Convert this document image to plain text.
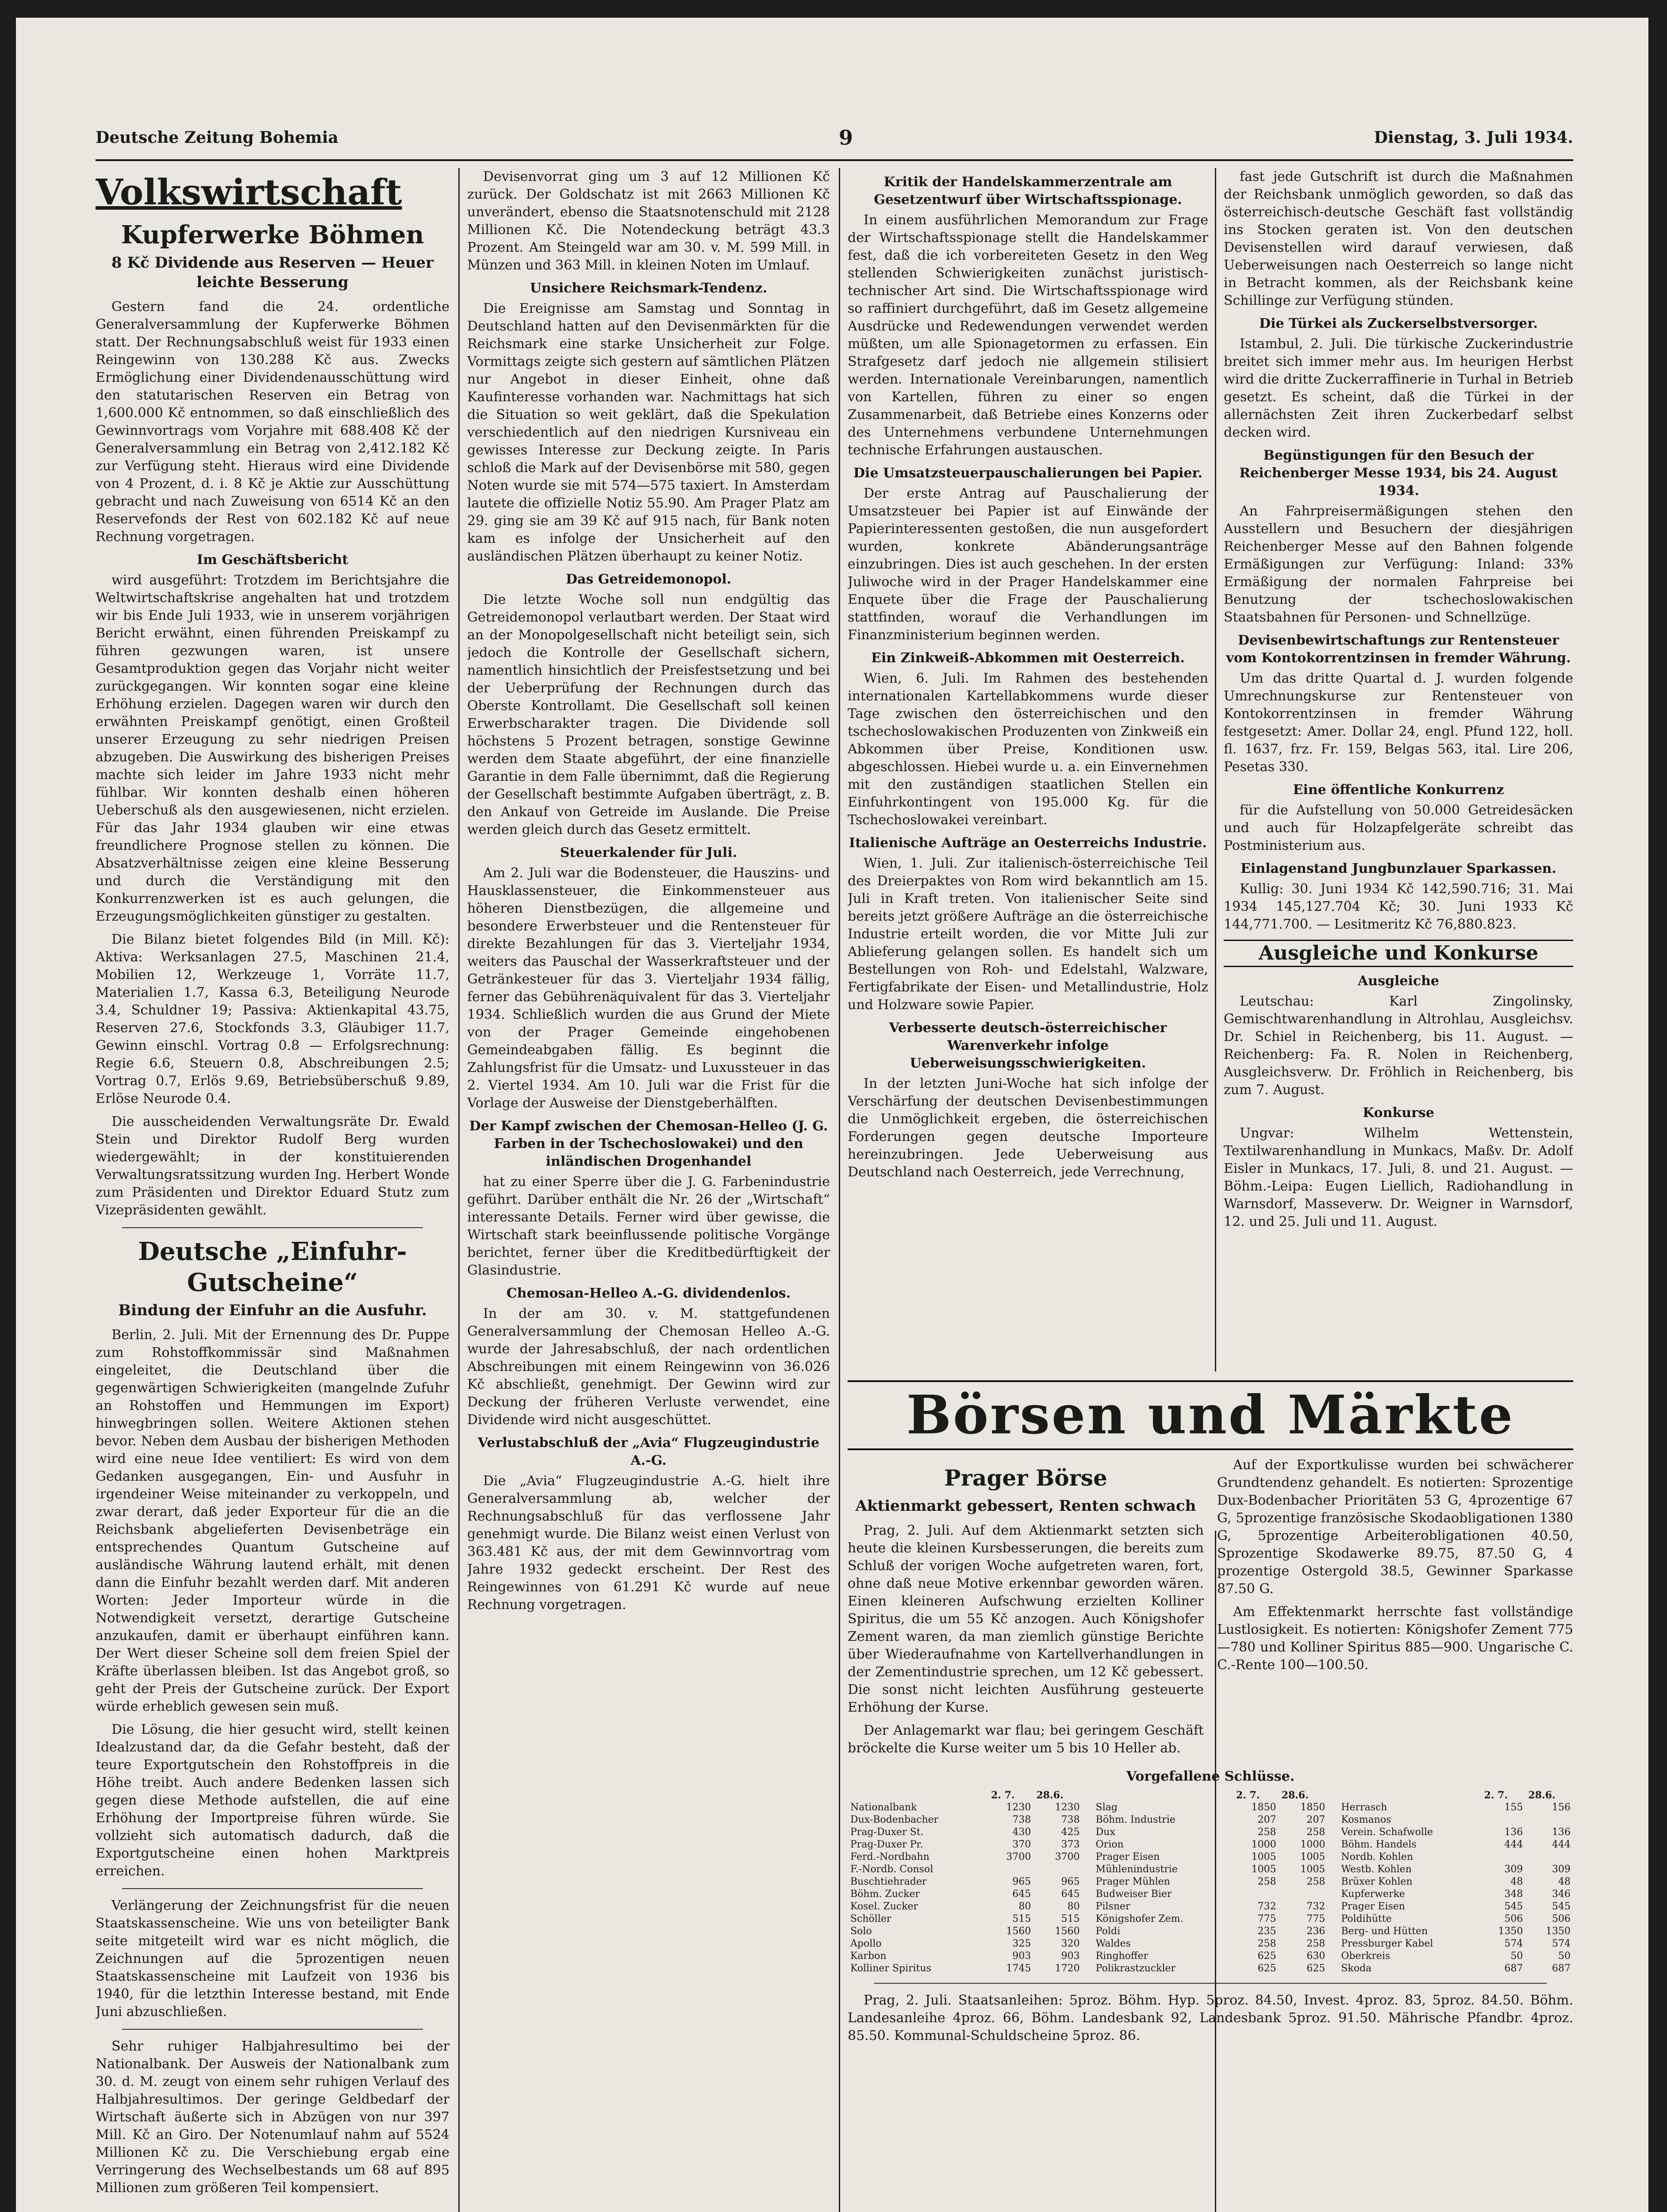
Deutsche Zeitung Bohemia	9	Dienstag, 3. Juli 1934.
Volkswirtschaft
Kupferwerke Böhmen
8 Kč Dividende aus Reserven — Heuer leichte Besserung

Gestern fand die 24. ordentliche Generalversammlung der Kupferwerke Böhmen statt. Der Rechnungsabschluß weist für 1933 einen Reingewinn von 130.288 Kč aus. Zwecks Ermöglichung einer Dividendenausschüttung wird den statutarischen Reserven ein Betrag von 1,600.000 Kč entnommen, so daß einschließlich des Gewinnvortrags vom Vorjahre mit 688.408 Kč der Generalversammlung ein Betrag von 2,412.182 Kč zur Verfügung steht. Hieraus wird eine Dividende von 4 Prozent, d. i. 8 Kč je Aktie zur Ausschüttung gebracht und nach Zuweisung von 6514 Kč an den Reservefonds der Rest von 602.182 Kč auf neue Rechnung vorgetragen.

Im Geschäftsbericht

wird ausgeführt: Trotzdem im Berichtsjahre die Weltwirtschaftskrise angehalten hat und trotzdem wir bis Ende Juli 1933, wie in unserem vorjährigen Bericht erwähnt, einen führenden Preiskampf zu führen gezwungen waren, ist unsere Gesamtproduktion gegen das Vorjahr nicht weiter zurückgegangen. Wir konnten sogar eine kleine Erhöhung erzielen. Dagegen waren wir durch den erwähnten Preiskampf genötigt, einen Großteil unserer Erzeugung zu sehr niedrigen Preisen abzugeben. Die Auswirkung des bisherigen Preises machte sich leider im Jahre 1933 nicht mehr fühlbar. Wir konnten deshalb einen höheren Ueberschuß als den ausgewiesenen, nicht erzielen. Für das Jahr 1934 glauben wir eine etwas freundlichere Prognose stellen zu können. Die Absatzverhältnisse zeigen eine kleine Besserung und durch die Verständigung mit den Konkurrenzwerken ist es auch gelungen, die Erzeugungsmöglichkeiten günstiger zu gestalten.

Die Bilanz bietet folgendes Bild (in Mill. Kč): Aktiva: Werksanlagen 27.5, Maschinen 21.4, Mobilien 12, Werkzeuge 1, Vorräte 11.7, Materialien 1.7, Kassa 6.3, Beteiligung Neurode 3.4, Schuldner 19; Passiva: Aktienkapital 43.75, Reserven 27.6, Stockfonds 3.3, Gläubiger 11.7, Gewinn einschl. Vortrag 0.8 — Erfolgsrechnung: Regie 6.6, Steuern 0.8, Abschreibungen 2.5; Vortrag 0.7, Erlös 9.69, Betriebsüberschuß 9.89, Erlöse Neurode 0.4.

Die ausscheidenden Verwaltungsräte Dr. Ewald Stein und Direktor Rudolf Berg wurden wiedergewählt; in der konstituierenden Verwaltungsratssitzung wurden Ing. Herbert Wonde zum Präsidenten und Direktor Eduard Stutz zum Vizepräsidenten gewählt.

Deutsche „Einfuhr-Gutscheine“
Bindung der Einfuhr an die Ausfuhr.

Berlin, 2. Juli. Mit der Ernennung des Dr. Puppe zum Rohstoffkommissär sind Maßnahmen eingeleitet, die Deutschland über die gegenwärtigen Schwierigkeiten (mangelnde Zufuhr an Rohstoffen und Hemmungen im Export) hinwegbringen sollen. Weitere Aktionen stehen bevor. Neben dem Ausbau der bisherigen Methoden wird eine neue Idee ventiliert: Es wird von dem Gedanken ausgegangen, Ein- und Ausfuhr in irgendeiner Weise miteinander zu verkoppeln, und zwar derart, daß jeder Exporteur für die an die Reichsbank abgelieferten Devisenbeträge ein entsprechendes Quantum Gutscheine auf ausländische Währung lautend erhält, mit denen dann die Einfuhr bezahlt werden darf. Mit anderen Worten: Jeder Importeur würde in die Notwendigkeit versetzt, derartige Gutscheine anzukaufen, damit er überhaupt einführen kann. Der Wert dieser Scheine soll dem freien Spiel der Kräfte überlassen bleiben. Ist das Angebot groß, so geht der Preis der Gutscheine zurück. Der Export würde erheblich gewesen sein muß.

Die Lösung, die hier gesucht wird, stellt keinen Idealzustand dar, da die Gefahr besteht, daß der teure Exportgutschein den Rohstoffpreis in die Höhe treibt. Auch andere Bedenken lassen sich gegen diese Methode aufstellen, die auf eine Erhöhung der Importpreise führen würde. Sie vollzieht sich automatisch dadurch, daß die Exportgutscheine einen hohen Marktpreis erreichen.

Verlängerung der Zeichnungsfrist für die neuen Staatskassenscheine. Wie uns von beteiligter Bank seite mitgeteilt wird war es nicht möglich, die Zeichnungen auf die 5prozentigen neuen Staatskassenscheine mit Laufzeit von 1936 bis 1940, für die letzthin Interesse bestand, mit Ende Juni abzuschließen.

Sehr ruhiger Halbjahresultimo bei der Nationalbank. Der Ausweis der Nationalbank zum 30. d. M. zeugt von einem sehr ruhigen Verlauf des Halbjahresultimos. Der geringe Geldbedarf der Wirtschaft äußerte sich in Abzügen von nur 397 Mill. Kč an Giro. Der Notenumlauf nahm auf 5524 Millionen Kč zu. Die Verschiebung ergab eine Verringerung des Wechselbestands um 68 auf 895 Millionen zum größeren Teil kompensiert.

Devisenvorrat ging um 3 auf 12 Millionen Kč zurück. Der Goldschatz ist mit 2663 Millionen Kč unverändert, ebenso die Staatsnotenschuld mit 2128 Millionen Kč. Die Notendeckung beträgt 43.3 Prozent. Am Steingeld war am 30. v. M. 599 Mill. in Münzen und 363 Mill. in kleinen Noten im Umlauf.

Unsichere Reichsmark-Tendenz.

Die Ereignisse am Samstag und Sonntag in Deutschland hatten auf den Devisenmärkten für die Reichsmark eine starke Unsicherheit zur Folge. Vormittags zeigte sich gestern auf sämtlichen Plätzen nur Angebot in dieser Einheit, ohne daß Kaufinteresse vorhanden war. Nachmittags hat sich die Situation so weit geklärt, daß die Spekulation verschiedentlich auf den niedrigen Kursniveau ein gewisses Interesse zur Deckung zeigte. In Paris schloß die Mark auf der Devisenbörse mit 580, gegen Noten wurde sie mit 574—575 taxiert. In Amsterdam lautete die offizielle Notiz 55.90. Am Prager Platz am 29. ging sie am 39 Kč auf 915 nach, für Bank noten kam es infolge der Unsicherheit auf den ausländischen Plätzen überhaupt zu keiner Notiz.

Das Getreidemonopol.

Die letzte Woche soll nun endgültig das Getreidemonopol verlautbart werden. Der Staat wird an der Monopolgesellschaft nicht beteiligt sein, sich jedoch die Kontrolle der Gesellschaft sichern, namentlich hinsichtlich der Preisfestsetzung und bei der Ueberprüfung der Rechnungen durch das Oberste Kontrollamt. Die Gesellschaft soll keinen Erwerbscharakter tragen. Die Dividende soll höchstens 5 Prozent betragen, sonstige Gewinne werden dem Staate abgeführt, der eine finanzielle Garantie in dem Falle übernimmt, daß die Regierung der Gesellschaft bestimmte Aufgaben überträgt, z. B. den Ankauf von Getreide im Auslande. Die Preise werden gleich durch das Gesetz ermittelt.

Steuerkalender für Juli.

Am 2. Juli war die Bodensteuer, die Hauszins- und Hausklassensteuer, die Einkommensteuer aus höheren Dienstbezügen, die allgemeine und besondere Erwerbsteuer und die Rentensteuer für direkte Bezahlungen für das 3. Vierteljahr 1934, weiters das Pauschal der Wasserkraftsteuer und der Getränkesteuer für das 3. Vierteljahr 1934 fällig, ferner das Gebührenäquivalent für das 3. Vierteljahr 1934. Schließlich wurden die aus Grund der Miete von der Prager Gemeinde eingehobenen Gemeindeabgaben fällig. Es beginnt die Zahlungsfrist für die Umsatz- und Luxussteuer in das 2. Viertel 1934. Am 10. Juli war die Frist für die Vorlage der Ausweise der Dienstgeberhälften.

Der Kampf zwischen der Chemosan-Helleo (J. G. Farben in der Tschechoslowakei) und den inländischen Drogenhandel

hat zu einer Sperre über die J. G. Farbenindustrie geführt. Darüber enthält die Nr. 26 der „Wirtschaft“ interessante Details. Ferner wird über gewisse, die Wirtschaft stark beeinflussende politische Vorgänge berichtet, ferner über die Kreditbedürftigkeit der Glasindustrie.

Chemosan-Helleo A.-G. dividendenlos.

In der am 30. v. M. stattgefundenen Generalversammlung der Chemosan Helleo A.-G. wurde der Jahresabschluß, der nach ordentlichen Abschreibungen mit einem Reingewinn von 36.026 Kč abschließt, genehmigt. Der Gewinn wird zur Deckung der früheren Verluste verwendet, eine Dividende wird nicht ausgeschüttet.

Verlustabschluß der „Avia“ Flugzeugindustrie A.-G.

Die „Avia“ Flugzeugindustrie A.-G. hielt ihre Generalversammlung ab, welcher der Rechnungsabschluß für das verflossene Jahr genehmigt wurde. Die Bilanz weist einen Verlust von 363.481 Kč aus, der mit dem Gewinnvortrag vom Jahre 1932 gedeckt erscheint. Der Rest des Reingewinnes von 61.291 Kč wurde auf neue Rechnung vorgetragen.

Kritik der Handelskammerzentrale am Gesetzentwurf über Wirtschaftsspionage.

In einem ausführlichen Memorandum zur Frage der Wirtschaftsspionage stellt die Handelskammer fest, daß die ich vorbereiteten Gesetz in den Weg stellenden Schwierigkeiten zunächst juristisch-technischer Art sind. Die Wirtschaftsspionage wird so raffiniert durchgeführt, daß im Gesetz allgemeine Ausdrücke und Redewendungen verwendet werden müßten, um alle Spionagetormen zu erfassen. Ein Strafgesetz darf jedoch nie allgemein stilisiert werden. Internationale Vereinbarungen, namentlich von Kartellen, führen zu einer so engen Zusammenarbeit, daß Betriebe eines Konzerns oder des Unternehmens verbundene Unternehmungen technische Erfahrungen austauschen.

Die Umsatzsteuerpauschalierungen bei Papier.

Der erste Antrag auf Pauschalierung der Umsatzsteuer bei Papier ist auf Einwände der Papierinteressenten gestoßen, die nun ausgefordert wurden, konkrete Abänderungsanträge einzubringen. Dies ist auch geschehen. In der ersten Juliwoche wird in der Prager Handelskammer eine Enquete über die Frage der Pauschalierung stattfinden, worauf die Verhandlungen im Finanzministerium beginnen werden.

Ein Zinkweiß-Abkommen mit Oesterreich.

Wien, 6. Juli. Im Rahmen des bestehenden internationalen Kartellabkommens wurde dieser Tage zwischen den österreichischen und den tschechoslowakischen Produzenten von Zinkweiß ein Abkommen über Preise, Konditionen usw. abgeschlossen. Hiebei wurde u. a. ein Einvernehmen mit den zuständigen staatlichen Stellen ein Einfuhrkontingent von 195.000 Kg. für die Tschechoslowakei vereinbart.

Italienische Aufträge an Oesterreichs Industrie.

Wien, 1. Juli. Zur italienisch-österreichische Teil des Dreierpaktes von Rom wird bekanntlich am 15. Juli in Kraft treten. Von italienischer Seite sind bereits jetzt größere Aufträge an die österreichische Industrie erteilt worden, die vor Mitte Juli zur Ablieferung gelangen sollen. Es handelt sich um Bestellungen von Roh- und Edelstahl, Walzware, Fertigfabrikate der Eisen- und Metallindustrie, Holz und Holzware sowie Papier.

Verbesserte deutsch-österreichischer Warenverkehr infolge Ueberweisungsschwierigkeiten.

In der letzten Juni-Woche hat sich infolge der Verschärfung der deutschen Devisenbestimmungen die Unmöglichkeit ergeben, die österreichischen Forderungen gegen deutsche Importeure hereinzubringen. Jede Ueberweisung aus Deutschland nach Oesterreich, jede Verrechnung,

fast jede Gutschrift ist durch die Maßnahmen der Reichsbank unmöglich geworden, so daß das österreichisch-deutsche Geschäft fast vollständig ins Stocken geraten ist. Von den deutschen Devisenstellen wird darauf verwiesen, daß Ueberweisungen nach Oesterreich so lange nicht in Betracht kommen, als der Reichsbank keine Schillinge zur Verfügung stünden.

Die Türkei als Zuckerselbstversorger.

Istambul, 2. Juli. Die türkische Zuckerindustrie breitet sich immer mehr aus. Im heurigen Herbst wird die dritte Zuckerraffinerie in Turhal in Betrieb gesetzt. Es scheint, daß die Türkei in der allernächsten Zeit ihren Zuckerbedarf selbst decken wird.

Begünstigungen für den Besuch der Reichenberger Messe 1934, bis 24. August 1934.

An Fahrpreisermäßigungen stehen den Ausstellern und Besuchern der diesjährigen Reichenberger Messe auf den Bahnen folgende Ermäßigungen zur Verfügung: Inland: 33% Ermäßigung der normalen Fahrpreise bei Benutzung der tschechoslowakischen Staatsbahnen für Personen- und Schnellzüge.

Devisenbewirtschaftungs zur Rentensteuer vom Kontokorrentzinsen in fremder Währung.

Um das dritte Quartal d. J. wurden folgende Umrechnungskurse zur Rentensteuer von Kontokorrentzinsen in fremder Währung festgesetzt: Amer. Dollar 24, engl. Pfund 122, holl. fl. 1637, frz. Fr. 159, Belgas 563, ital. Lire 206, Pesetas 330.

Eine öffentliche Konkurrenz

für die Aufstellung von 50.000 Getreidesäcken und auch für Holzapfelgeräte schreibt das Postministerium aus.

Einlagenstand Jungbunzlauer Sparkassen.

Kullig: 30. Juni 1934 Kč 142,590.716; 31. Mai 1934 145,127.704 Kč; 30. Juni 1933 Kč 144,771.700. — Lesitmeritz Kč 76,880.823.

Ausgleiche und Konkurse
Ausgleiche

Leutschau: Karl Zingolinsky, Gemischtwarenhandlung in Altrohlau, Ausgleichsv. Dr. Schiel in Reichenberg, bis 11. August. — Reichenberg: Fa. R. Nolen in Reichenberg, Ausgleichsverw. Dr. Fröhlich in Reichenberg, bis zum 7. August.

Konkurse

Ungvar: Wilhelm Wettenstein, Textilwarenhandlung in Munkacs, Maßv. Dr. Adolf Eisler in Munkacs, 17. Juli, 8. und 21. August. — Böhm.-Leipa: Eugen Liellich, Radiohandlung in Warnsdorf, Masseverw. Dr. Weigner in Warnsdorf, 12. und 25. Juli und 11. August.

Börsen und Märkte
Prager Börse
Aktienmarkt gebessert, Renten schwach

Prag, 2. Juli. Auf dem Aktienmarkt setzten sich heute die kleinen Kursbesserungen, die bereits zum Schluß der vorigen Woche aufgetreten waren, fort, ohne daß neue Motive erkennbar geworden wären. Einen kleineren Aufschwung erzielten Kolliner Spiritus, die um 55 Kč anzogen. Auch Königshofer Zement waren, da man ziemlich günstige Berichte über Wiederaufnahme von Kartellverhandlungen in der Zementindustrie sprechen, um 12 Kč gebessert. Die sonst nicht leichten Ausführung gesteuerte Erhöhung der Kurse.

Der Anlagemarkt war flau; bei geringem Geschäft bröckelte die Kurse weiter um 5 bis 10 Heller ab.

Auf der Exportkulisse wurden bei schwächerer Grundtendenz gehandelt. Es notierten: Sprozentige Dux-Bodenbacher Prioritäten 53 G, 4prozentige 67 G, 5prozentige französische Skodaobligationen 1380 G, 5prozentige Arbeiterobligationen 40.50, Sprozentige Skodawerke 89.75, 87.50 G, 4 prozentige Ostergold 38.5, Gewinner Sparkasse 87.50 G.

Am Effektenmarkt herrschte fast vollständige Lustlosigkeit. Es notierten: Königshofer Zement 775—780 und Kolliner Spiritus 885—900. Ungarische C. C.-Rente 100—100.50.

Vorgefallene Schlüsse.
	2. 7.	28.6.
Nationalbank	1230	1230
Dux-Bodenbacher	738	738
Prag-Duxer St.	430	425
Prag-Duxer Pr.	370	373
Ferd.-Nordbahn	3700	3700
F.-Nordb. Consol		
Buschtiehrader	965	965
Böhm. Zucker	645	645
Kosel. Zucker	80	80
Schöller	515	515
Solo	1560	1560
Apollo	325	320
Karbon	903	903
Kolliner Spiritus	1745	1720
	2. 7.	28.6.
Slag	1850	1850
Böhm. Industrie	207	207
Dux	258	258
Orion	1000	1000
Prager Eisen	1005	1005
Mühlenindustrie	1005	1005
Prager Mühlen	258	258
Budweiser Bier		
Pilsner	732	732
Königshofer Zem.	775	775
Poldi	235	236
Waldes	258	258
Ringhoffer	625	630
Polikrastzuckler	625	625
	2. 7.	28.6.
Herrasch	155	156
Kosmanos		
Verein. Schafwolle	136	136
Böhm. Handels	444	444
Nordb. Kohlen		
Westb. Kohlen	309	309
Brüxer Kohlen	48	48
Kupferwerke	348	346
Prager Eisen	545	545
Poldihütte	506	506
Berg- und Hütten	1350	1350
Pressburger Kabel	574	574
Oberkreis	50	50
Skoda	687	687

Prag, 2. Juli. Staatsanleihen: 5proz. Böhm. Hyp. 5proz. 84.50, Invest. 4proz. 83, 5proz. 84.50. Böhm. Landesanleihe 4proz. 66, Böhm. Landesbank 92, Landesbank 5proz. 91.50. Mährische Pfandbr. 4proz. 85.50. Kommunal-Schuldscheine 5proz. 86.
